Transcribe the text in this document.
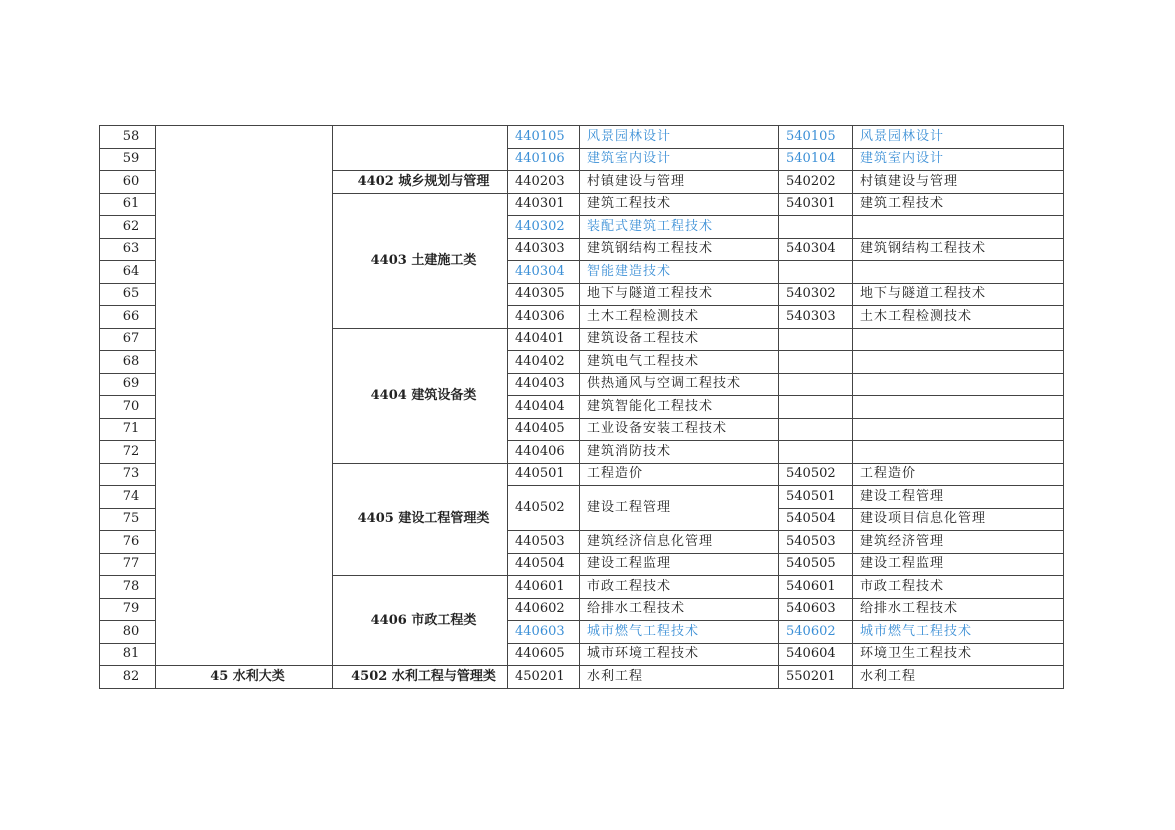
58			440105	风景园林设计	540105	风景园林设计
59			440106	建筑室内设计	540104	建筑室内设计
60		4402 城乡规划与管理	440203	村镇建设与管理	540202	村镇建设与管理
61		4403 土建施工类	440301	建筑工程技术	540301	建筑工程技术
62			440302	装配式建筑工程技术		
63			440303	建筑钢结构工程技术	540304	建筑钢结构工程技术
64			440304	智能建造技术		
65			440305	地下与隧道工程技术	540302	地下与隧道工程技术
66			440306	土木工程检测技术	540303	土木工程检测技术
67		4404 建筑设备类	440401	建筑设备工程技术		
68			440402	建筑电气工程技术		
69			440403	供热通风与空调工程技术		
70			440404	建筑智能化工程技术		
71			440405	工业设备安装工程技术		
72			440406	建筑消防技术		
73		4405 建设工程管理类	440501	工程造价	540502	工程造价
74			440502	建设工程管理	540501	建设工程管理
75					540504	建设项目信息化管理
76			440503	建筑经济信息化管理	540503	建筑经济管理
77			440504	建设工程监理	540505	建设工程监理
78		4406 市政工程类	440601	市政工程技术	540601	市政工程技术
79			440602	给排水工程技术	540603	给排水工程技术
80			440603	城市燃气工程技术	540602	城市燃气工程技术
81			440605	城市环境工程技术	540604	环境卫生工程技术
82	45 水利大类	4502 水利工程与管理类	450201	水利工程	550201	水利工程
